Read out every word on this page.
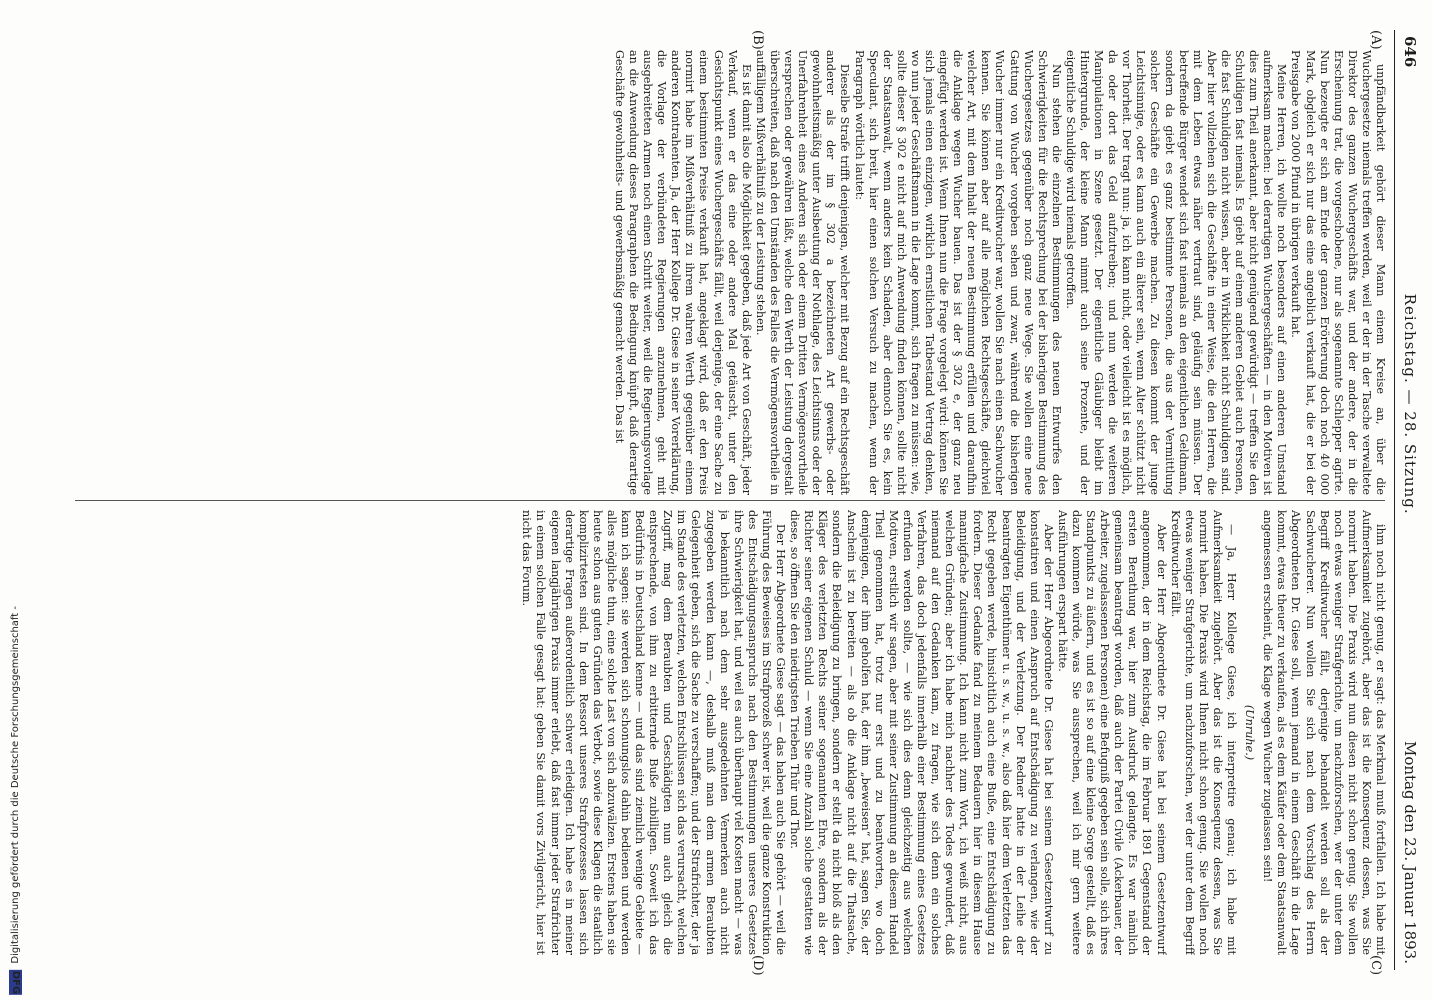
DFG Digitalisierung gefördert durch die Deutsche Forschungsgemeinschaft -
646
Reichstag. — 28. Sitzung.
Montag den 23. Januar 1893.
(A)
(B)
(C)
(D)

unpfändbarkeit gehört dieser Mann einem Kreise an, über die Wuchergesetze niemals treffen werden, weil er der in der Tasche verwaltete Direktor des ganzen Wuchergeschäfts war, und der andere, der in die Erscheinung trat, die vorgeschobene, nur als sogenannte Schlepper agirte. Nun bezeugte er sich am Ende der ganzen Erörterung doch noch 40 000 Mark, obgleich er sich nur das eine angeblich verkauft hat, die er bei der Preisgabe von 2000 Pfund in übrigen verkauft hat.

Meine Herren, ich wollte noch besonders auf einen anderen Umstand aufmerksam machen: bei derartigen Wuchergeschäften — in den Motiven ist dies zum Theil anerkannt, aber nicht genügend gewürdigt — treffen Sie den Schuldigen fast niemals. Es giebt auf einem anderen Gebiet auch Personen, die fast Schuldigen nicht wissen, aber in Wirklichkeit nicht Schuldigen sind. Aber hier vollziehen sich die Geschäfte in einer Weise, die den Herren, die mit dem Leben etwas näher vertraut sind, geläufig sein müssen. Der betreffende Bürger wendet sich fast niemals an den eigentlichen Geldmann, sondern da giebt es ganz bestimmte Personen, die aus der Vermittlung solcher Geschäfte ein Gewerbe machen. Zu diesen kommt der junge Leichtsinnige, oder es kann auch ein älterer sein, wenn Alter schützt nicht vor Thorheit. Der tragt nun: ja, ich kann nicht, oder vielleicht ist es möglich, da oder dort das Geld aufzutreiben; und nun werden die weiteren Manipulationen in Szene gesetzt. Der eigentliche Gläubiger bleibt im Hintergrunde, der kleine Mann nimmt auch seine Prozente, und der eigentliche Schuldige wird niemals getroffen.

Nun stehen die einzelnen Bestimmungen des neuen Entwurfes den Schwierigkeiten für die Rechtsprechung bei der bisherigen Bestimmung des Wuchergesetzes gegenüber noch ganz neue Wege. Sie wollen eine neue Gattung von Wucher vorgeben sehen und zwar, während die bisherigen Wucher immer nur ein Kreditwucher war, wollen Sie nach einen Sachwucher kennen. Sie können aber auf alle möglichen Rechtsgeschäfte, gleichviel welcher Art, mit dem Inhalt der neuen Bestimmung erfüllen und daraufhin die Anklage wegen Wucher bauen. Das ist der § 302 e, der ganz neu eingefügt werden ist. Wenn Ihnen nun die Frage vorgelegt wird: können Sie sich jemals einen einzigen, wirklich ernstlichen Tatbestand Vertrag denken, wo nun jeder Geschäftsmann in die Lage kommt, sich fragen zu müssen: wie, sollte dieser § 302 e nicht auf mich Anwendung finden können, sollte nicht der Staatsanwalt, wenn anders kein Schaden, aber dennoch Sie es, kein Speculant, sich breit, hier einen solchen Versuch zu machen, wenn der Paragraph wörtlich lautet:

Dieselbe Strafe trifft denjenigen, welcher mit Bezug auf ein Rechtsgeschäft anderer als der im § 302 a bezeichneten Art gewerbs- oder gewohnheitsmäßig unter Ausbeutung der Nothlage, des Leichtsinns oder der Unerfahrenheit eines Anderen sich oder einem Dritten Vermögensvortheile versprechen oder gewähren läßt, welche den Werth der Leistung dergestalt überschreiten, daß nach den Umständen des Falles die Vermögensvortheile in auffälligem Mißverhältniß zu der Leistung stehen.

Es ist damit also die Möglichkeit gegeben, daß jede Art von Geschäft, jeder Verkauf, wenn er das eine oder andere Mal getäuscht, unter den Gesichtspunkt eines Wuchergeschäfts fällt, weil derjenige, der eine Sache zu einem bestimmten Preise verkauft hat, angeklagt wird, daß er den Preis normirt habe im Mißverhältniß zu ihrem wahren Werth gegenüber einem anderen Kontrahenten. Ja, der Herr Kollege Dr. Giese in seiner Vorerklärung, die Vorlage der verbündeten Regierungen anzunehmen, geht mit ausgebreiteten Armen noch einen Schritt weiter, weil die Regierungsvorlage an die Anwendung dieses Paragraphen die Bedingung knüpft, daß derartige Geschäfte gewohnheits- und gewerbsmäßig gemacht werden. Das ist

ihm noch nicht genug, er sagt: das Merkmal muß fortfallen. Ich habe mit Aufmerksamkeit zugehört, aber das ist die Konsequenz dessen, was Sie normirt haben. Die Praxis wird nun diesen nicht schon genug. Sie wollen noch etwas weniger Strafgerichte, um nachzuforschen, wer der unter dem Begriff Kreditwucher fällt, derjenige behandelt werden soll als der Sachwucherer. Nun wollen Sie sich nach dem Vorschlag des Herrn Abgeordneten Dr. Giese soll, wenn jemand in einem Geschäft in die Lage kommt, etwas theuer zu verkaufen, als es dem Käufer oder dem Staatsanwalt angemessen erscheint, die Klage wegen Wucher zugelassen sein!

(Unruhe.)

— Ja, Herr Kollege Giese, ich interpretire genau; ich habe mit Aufmerksamkeit zugehört. Aber das ist die Konsequenz dessen, was Sie normirt haben. Die Praxis wird Ihnen nicht schon genug. Sie wollen noch etwas weniger Strafgerichte, um nachzuforschen, wer der unter dem Begriff Kreditwucher fällt.

Aber der Herr Abgeordnete Dr. Giese hat bei seinem Gesetzentwurf angenommen, der in dem Reichstag, die im Februar 1891 Gegenstand der ersten Berathung war, hier zum Ausdruck gelangte. Es war nämlich gemeinsam beantragt worden, daß auch der Partei Civile (Ackerbauer, der Arbeiter, zugelassenen Personen) eine Befugniß gegeben sein solle, sich ihres Standpunkts zu äußern, und es ist so auf eine kleine Sorge gestellt, daß es dazu kommen würde, was Sie aussprechen, weil ich mir gern weitere Ausführungen erspart hätte.

Aber der Herr Abgeordnete Dr. Giese hat bei seinem Gesetzentwurf zu konstatiren und einen Anspruch auf Entschädigung zu verlangen, wie der Beleidigung, und der Verletzung. Der Redner hatte in der Leihe der beantragten Eigenthümer u. s. w., u. s. w., also daß hier dem Verletzten das Recht gegeben werde, hinsichtlich auch eine Buße, eine Entschädigung zu fordern. Dieser Gedanke fand zu meinem Bedauern hier in diesem Hause mannigfache Zustimmung. Ich kann nicht zum Wort, ich weiß nicht, aus welchen Gründen; aber ich habe mich nachher des Todes gewundert, daß niemand auf den Gedanken kam, zu fragen, wie sich denn ein solches Verfahren, das doch jedenfalls innerhalb einer Bestimmung eines Gesetzes erfunden werden sollte, — wie sich dies denn gleichzeitig aus welchen Motiven, erstlich wir sagen, aber mit seiner Zustimmung an diesem Handel Theil genommen hat, trotz nur erst und zu beantworten, wo doch demjenigen, der ihm geholfen hat, der ihm „beweisen“ hat, sagen Sie, der Anschein ist zu bereiten — als ob die Anklage nicht auf die Thatsache, sondern die Beleidigung zu bringen, sondern er stellt da nicht bloß als den Kläger des verletzten Rechts seiner sogenannten Ehre, sondern als der Richter seiner eigenen Schuld — wenn Sie eine Anzahl solche gestatten wie diese, so öffnen Sie den niedrigsten Trieben Thür und Thor.

Der Herr Abgeordnete Giese sagt — das haben auch Sie gehört — weil die Führung des Beweises im Strafprozeß schwer ist, weil die ganze Konstruktion des Entschädigungsanspruchs nach den Bestimmungen unseres Gesetzes ihre Schwierigkeit hat, und weil es auch überhaupt viel Kosten macht — was ja bekanntlich nach dem sehr ausgedehnten Vermerken auch nicht zugegeben werden kann —, deshalb muß man dem armen Beraubten Gelegenheit geben, sich die Sache zu verschaffen; und der Strafrichter, der ja im Stande des verletzten, welchen Entschlüssen sich das verursacht, welchen Zugriff, mag dem Beraubten und Geschädigten nun auch gleich die entsprechende, von ihm zu erbitternde Buße zubilligen. Soweit ich das Bedürfnis in Deutschland kenne — und das sind ziemlich wenige Gebiete — kann ich sagen: sie werden sich schonungslos dahin bedienen und werden alles mögliche thun, eine solche Last von sich abzuwälzen. Erstens haben sie heute schon aus guten Gründen das Verbot, sowie diese Klagen die staatlich komplizirtesten sind. In dem Ressort unseres Strafprozesses lassen sich derartige Fragen außerordentlich schwer erledigen. Ich habe es in meiner eigenen langjährigen Praxis immer erlebt, daß fast immer jeder Strafrichter in einem solchen Falle gesagt hat: geben Sie damit vors Zivilgericht, hier ist nicht das Forum.
